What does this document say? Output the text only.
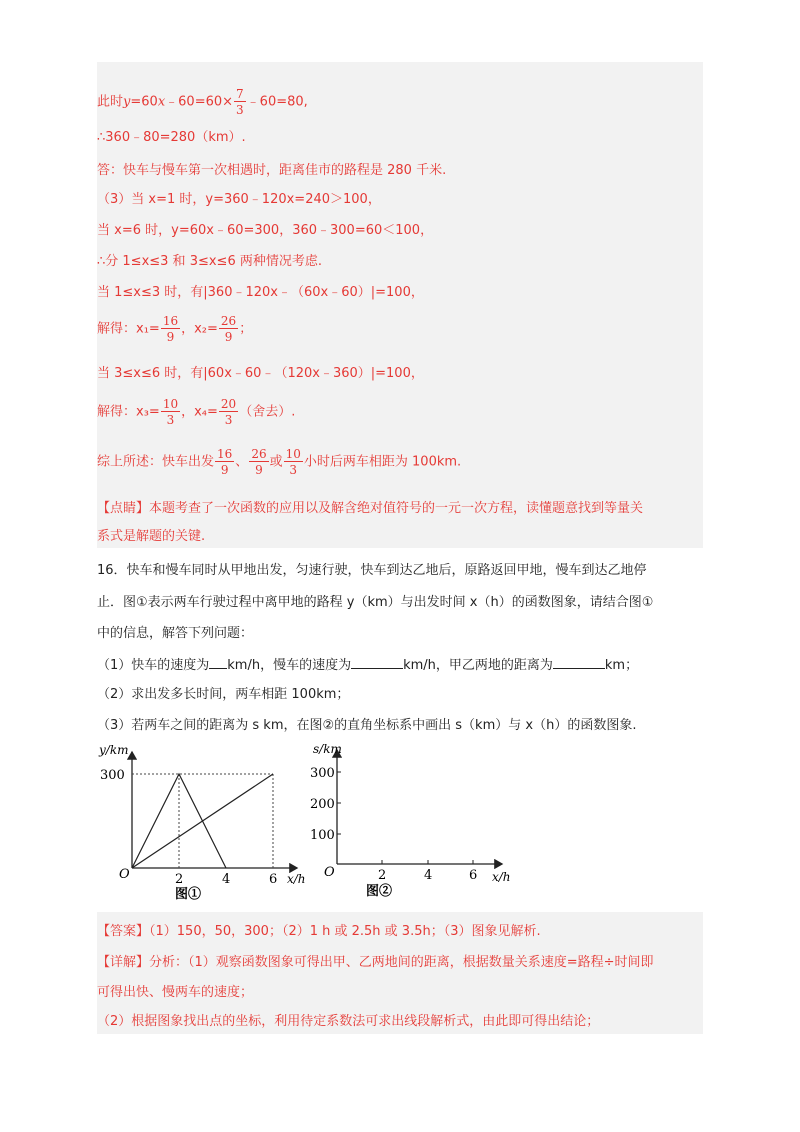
此时y=60x﹣60=60× $\frac{7}{3}$ ﹣60=80,
∴360﹣80=280（km）.
答：快车与慢车第一次相遇时，距离佳市的路程是 280 千米.
（3）当 x=1 时，y=360﹣120x=240＞100，
当 x=6 时，y=60x﹣60=300，360﹣300=60＜100，
∴分 1≤x≤3 和 3≤x≤6 两种情况考虑.
当 1≤x≤3 时，有|360﹣120x﹣（60x﹣60）|=100，
解得：$x_1= \frac{16}{9}$ ，$x_2= \frac{26}{9}$ ；
当 3≤x≤6 时，有|60x﹣60﹣（120x﹣360）|=100，
解得：$x_3= \frac{10}{3}$ ，$x_4= \frac{20}{3}$ （舍去）.
综上所述：快车出发 $\frac{16}{9}$ 、 $\frac{26}{9}$ 或 $\frac{10}{3}$ 小时后两车相距为 100km.
【点睛】本题考查了一次函数的应用以及解含绝对值符号的一元一次方程，读懂题意找到等量关
系式是解题的关键.
16．快车和慢车同时从甲地出发，匀速行驶，快车到达乙地后，原路返回甲地，慢车到达乙地停
止．图①表示两车行驶过程中离甲地的路程 y（km）与出发时间 x（h）的函数图象，请结合图①
中的信息，解答下列问题：
（1）快车的速度为 km/h，慢车的速度为	km/h，甲乙两地的距离为	km；
（2）求出发多长时间，两车相距 100km；
（3）若两车之间的距离为 s km，在图②的直角坐标系中画出 s（km）与 x（h）的函数图象.
y/km
300
O	2	4	6 x/h
图①
s/km
300
200
100
O	2	4	6 x/h
图②
【答案】（1）150，50，300；（2）1 h 或 2.5h 或 3.5h；（3）图象见解析.
【详解】分析：（1）观察函数图象可得出甲、乙两地间的距离，根据数量关系速度=路程÷时间即
可得出快、慢两车的速度；
（2）根据图象找出点的坐标，利用待定系数法可求出线段解析式，由此即可得出结论；
